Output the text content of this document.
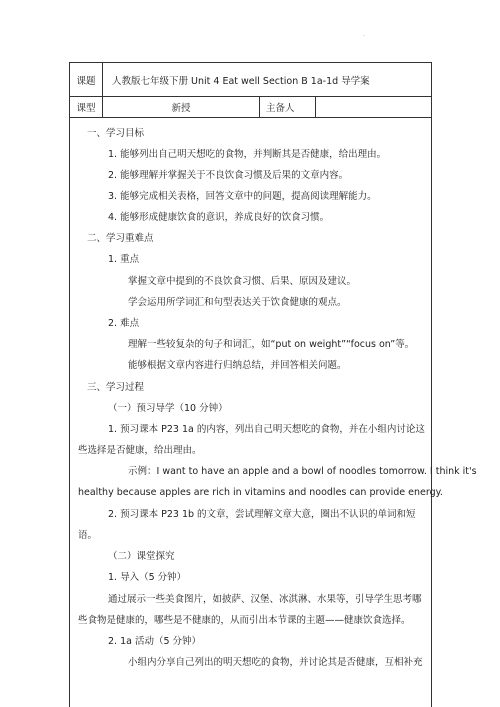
·
课题	人教版七年级下册 Unit 4 Eat well Section B 1a-1d 导学案
课型	新授	主备人
一、学习目标
1. 能够列出自己明天想吃的食物，并判断其是否健康，给出理由。
2. 能够理解并掌握关于不良饮食习惯及后果的文章内容。
3. 能够完成相关表格，回答文章中的问题，提高阅读理解能力。
4. 能够形成健康饮食的意识，养成良好的饮食习惯。
二、学习重难点
1. 重点
掌握文章中提到的不良饮食习惯、后果、原因及建议。
学会运用所学词汇和句型表达关于饮食健康的观点。
2. 难点
理解一些较复杂的句子和词汇，如“put on weight”“focus on”等。
能够根据文章内容进行归纳总结，并回答相关问题。
三、学习过程
（一）预习导学（10 分钟）
1. 预习课本 P23 1a 的内容，列出自己明天想吃的食物，并在小组内讨论这
些选择是否健康，给出理由。
示例：I want to have an apple and a bowl of noodles tomorrow. I think it's
healthy because apples are rich in vitamins and noodles can provide energy.
2. 预习课本 P23 1b 的文章，尝试理解文章大意，圈出不认识的单词和短
语。
（二）课堂探究
1. 导入（5 分钟）
通过展示一些美食图片，如披萨、汉堡、冰淇淋、水果等，引导学生思考哪
些食物是健康的，哪些是不健康的，从而引出本节课的主题——健康饮食选择。
2. 1a 活动（5 分钟）
小组内分享自己列出的明天想吃的食物，并讨论其是否健康，互相补充
